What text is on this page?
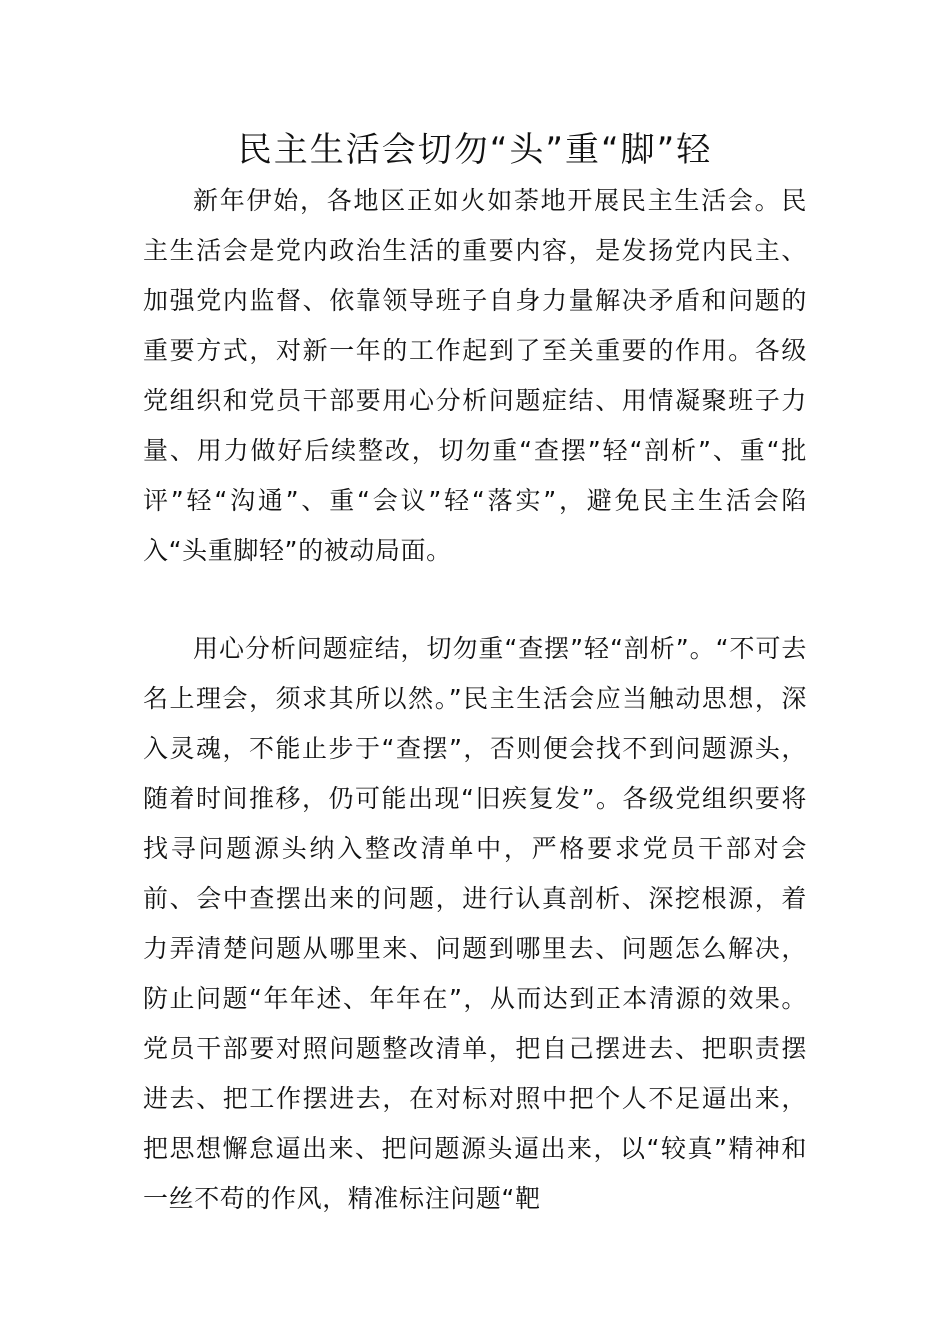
民主生活会切勿“头”重“脚”轻

新年伊始，各地区正如火如荼地开展民主生活会。民主生活会是党内政治生活的重要内容，是发扬党内民主、加强党内监督、依靠领导班子自身力量解决矛盾和问题的重要方式，对新一年的工作起到了至关重要的作用。各级党组织和党员干部要用心分析问题症结、用情凝聚班子力量、用力做好后续整改，切勿重“查摆”轻“剖析”、重“批评”轻“沟通”、重“会议”轻“落实”，避免民主生活会陷入“头重脚轻”的被动局面。

用心分析问题症结，切勿重“查摆”轻“剖析”。“不可去名上理会，须求其所以然。”民主生活会应当触动思想，深入灵魂，不能止步于“查摆”，否则便会找不到问题源头，随着时间推移，仍可能出现“旧疾复发”。各级党组织要将找寻问题源头纳入整改清单中，严格要求党员干部对会前、会中查摆出来的问题，进行认真剖析、深挖根源，着力弄清楚问题从哪里来、问题到哪里去、问题怎么解决，防止问题“年年述、年年在”，从而达到正本清源的效果。党员干部要对照问题整改清单，把自己摆进去、把职责摆进去、把工作摆进去，在对标对照中把个人不足逼出来，把思想懈怠逼出来、把问题源头逼出来，以“较真”精神和一丝不苟的作风，精准标注问题“靶
